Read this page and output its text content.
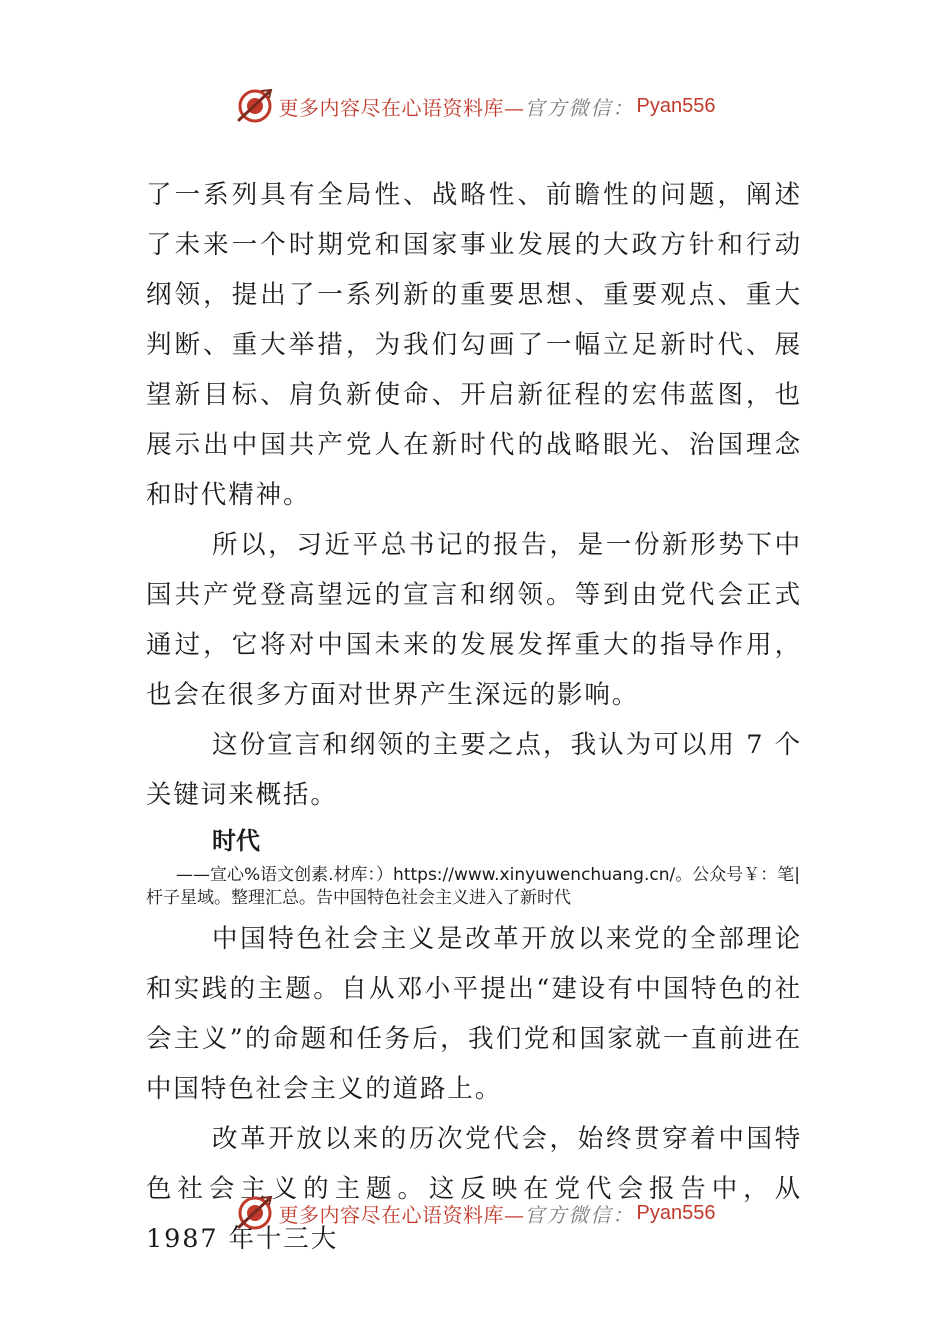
更多内容尽在心语资料库— 官方微信： Pyan556

了一系列具有全局性、战略性、前瞻性的问题，阐述了未来一个时期党和国家事业发展的大政方针和行动纲领，提出了一系列新的重要思想、重要观点、重大判断、重大举措，为我们勾画了一幅立足新时代、展望新目标、肩负新使命、开启新征程的宏伟蓝图，也展示出中国共产党人在新时代的战略眼光、治国理念和时代精神。

所以，习近平总书记的报告，是一份新形势下中国共产党登高望远的宣言和纲领。等到由党代会正式通过，它将对中国未来的发展发挥重大的指导作用，也会在很多方面对世界产生深远的影响。

这份宣言和纲领的主要之点，我认为可以用 7 个关键词来概括。

时代

——宣心%语文创素.材库：）https://www.xinyuwenchuang.cn/。公众号￥：笔|杆子星域。整理汇总。告中国特色社会主义进入了新时代

中国特色社会主义是改革开放以来党的全部理论和实践的主题。自从邓小平提出“建设有中国特色的社会主义”的命题和任务后，我们党和国家就一直前进在中国特色社会主义的道路上。

改革开放以来的历次党代会，始终贯穿着中国特色社会主义的主题。这反映在党代会报告中，从 1987 年十三大

更多内容尽在心语资料库— 官方微信： Pyan556
